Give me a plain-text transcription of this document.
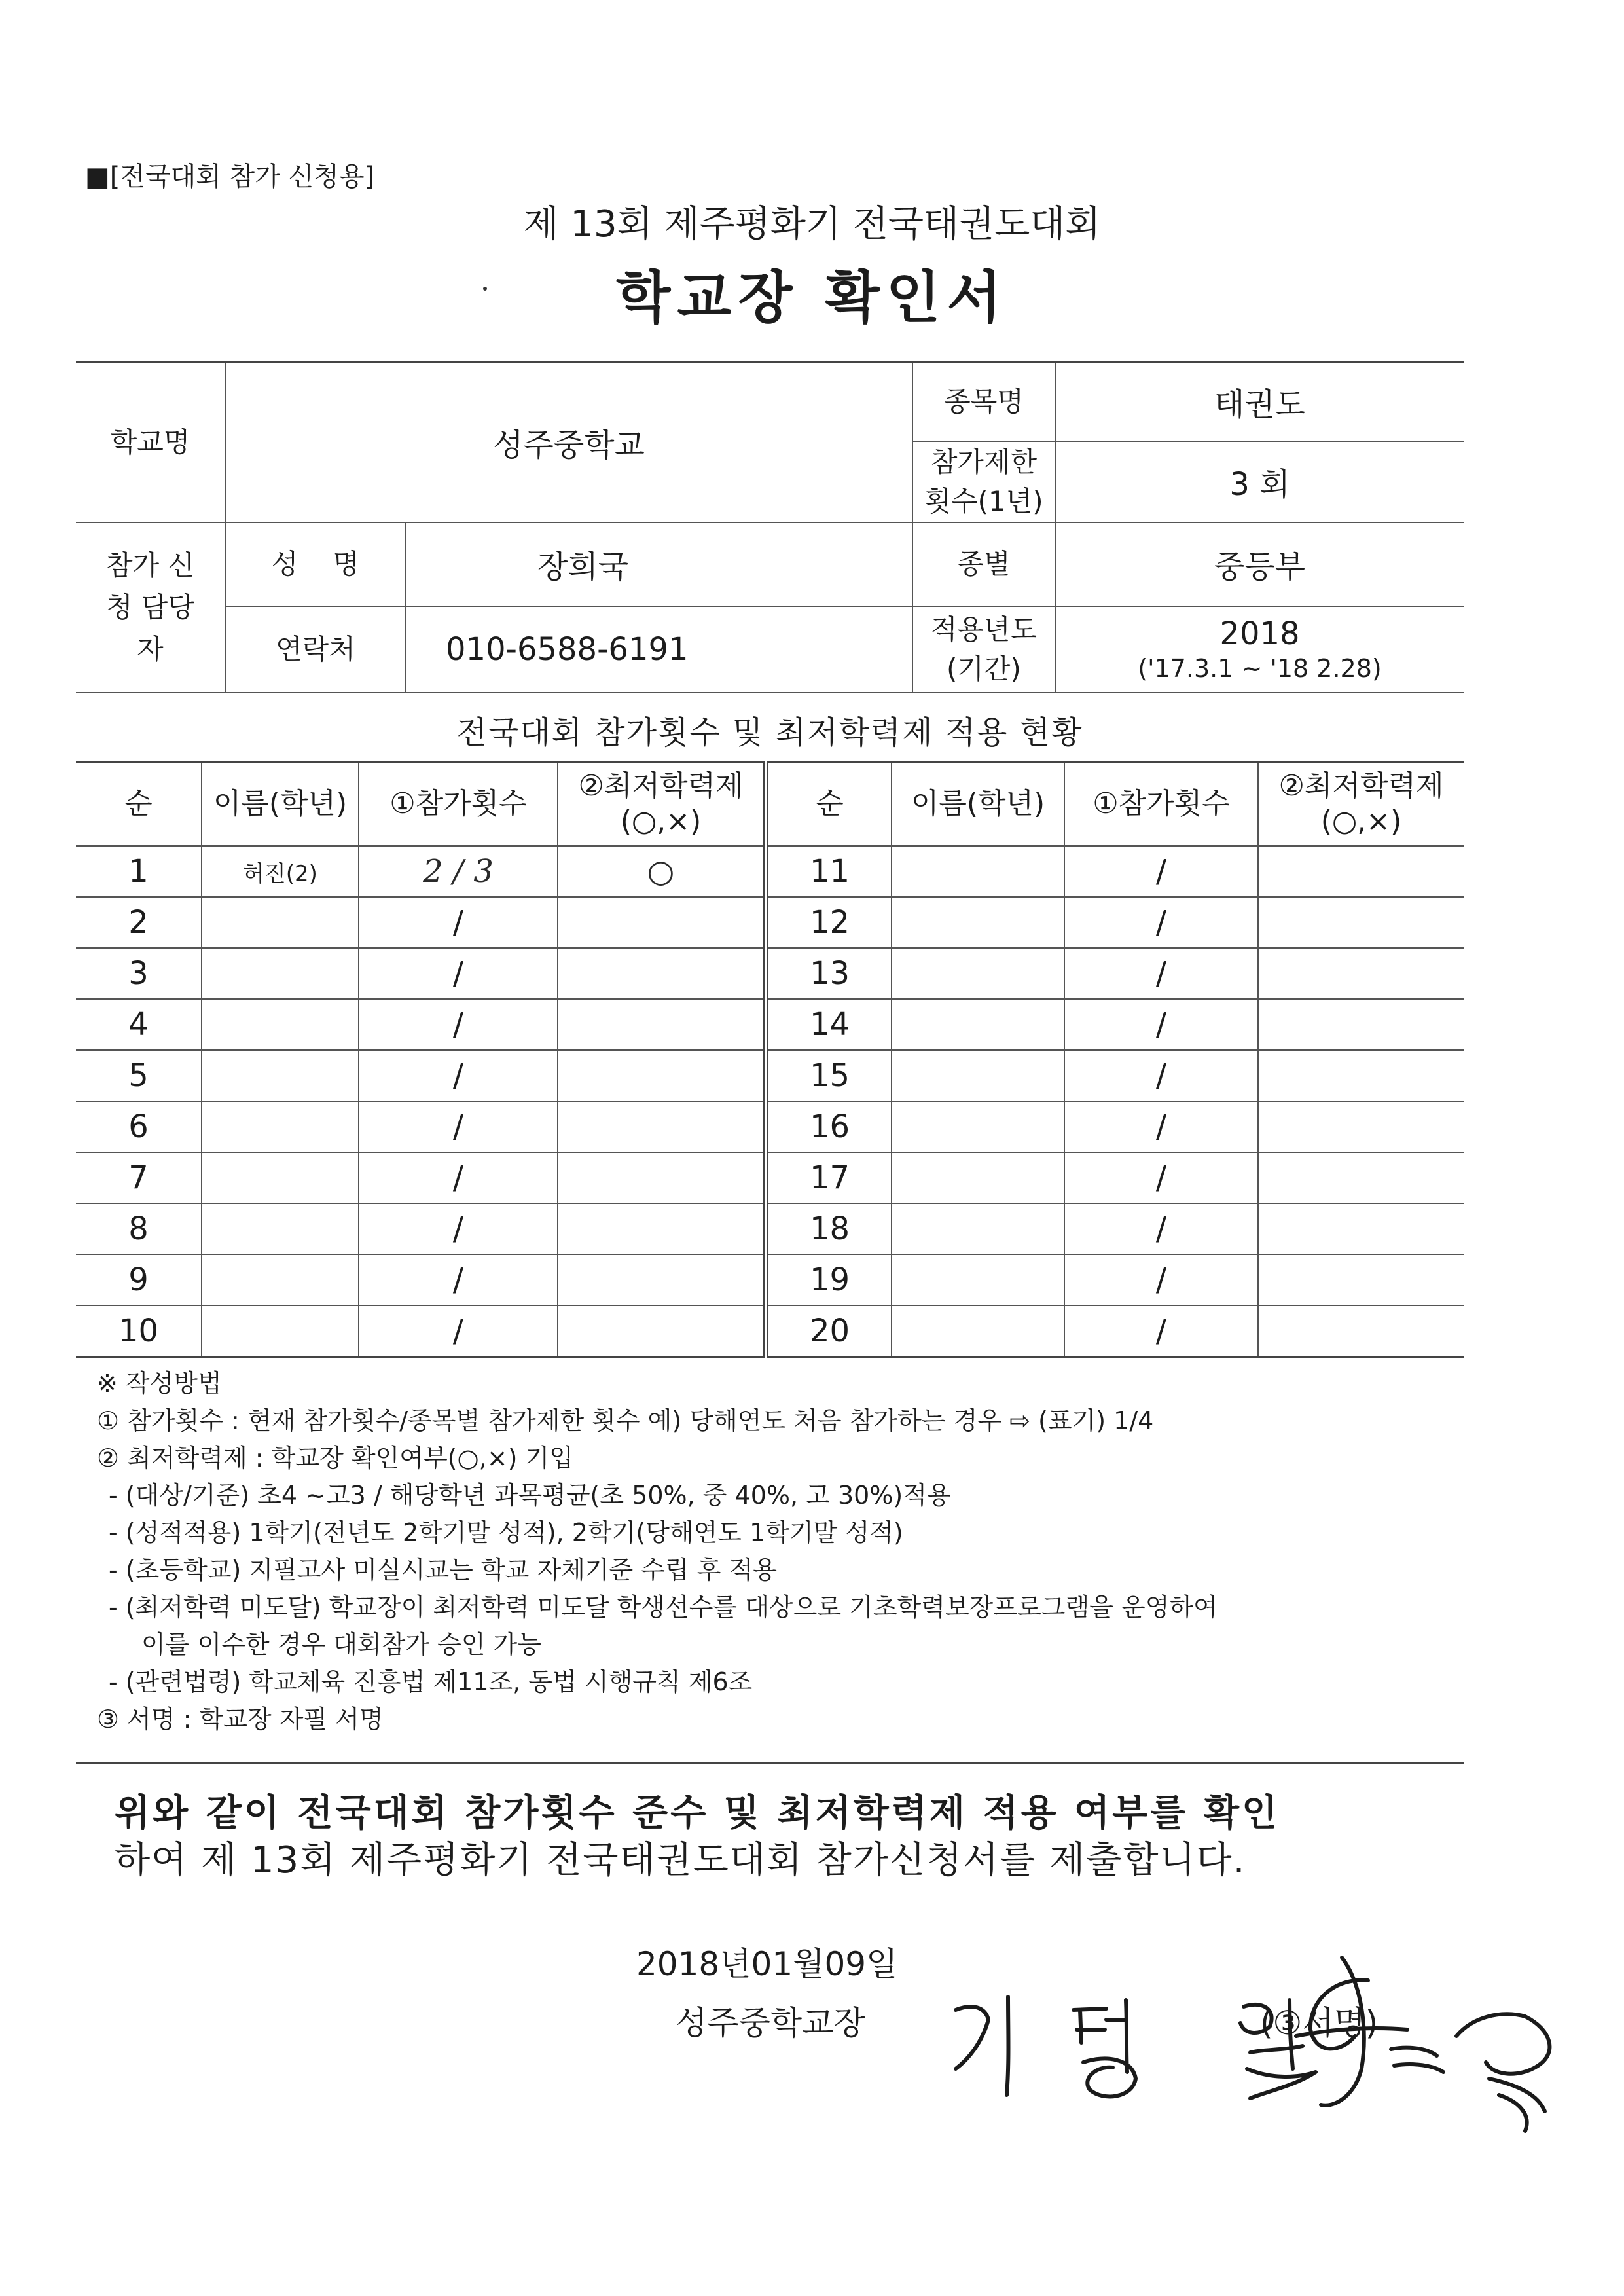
■[전국대회 참가 신청용]
제 13회 제주평화기 전국태권도대회
학교장 확인서
학교명	성주중학교		종목명	태권도
			참가제한 횟수(1년)	3 회
참가 신청 담당자	성 명	장희국	종별	중등부
	연락처	010-6588-6191	적용년도 (기간)	2018
('17.3.1 ~ '18 2.28)
전국대회 참가횟수 및 최저학력제 적용 현황
순	이름(학년)	①참가횟수	②최저학력제 (○,×)	순	이름(학년)	①참가횟수	②최저학력제 (○,×)
1	허진(2)	2 / 3	○	11		/	
2		/		12		/	
3		/		13		/	
4		/		14		/	
5		/		15		/	
6		/		16		/	
7		/		17		/	
8		/		18		/	
9		/		19		/	
10		/		20		/	
※ 작성방법
① 참가횟수 : 현재 참가횟수/종목별 참가제한 횟수 예) 당해연도 처음 참가하는 경우 ⇨ (표기) 1/4
② 최저학력제 : 학교장 확인여부(○,×) 기입
- (대상/기준) 초4 ~고3 / 해당학년 과목평균(초 50%, 중 40%, 고 30%)적용
- (성적적용) 1학기(전년도 2학기말 성적), 2학기(당해연도 1학기말 성적)
- (초등학교) 지필고사 미실시교는 학교 자체기준 수립 후 적용
- (최저학력 미도달) 학교장이 최저학력 미도달 학생선수를 대상으로 기초학력보장프로그램을 운영하여
이를 이수한 경우 대회참가 승인 가능
- (관련법령) 학교체육 진흥법 제11조, 동법 시행규칙 제6조
③ 서명 : 학교장 자필 서명
위와 같이 전국대회 참가횟수 준수 및 최저학력제 적용 여부를 확인
하여 제 13회 제주평화기 전국태권도대회 참가신청서를 제출합니다.
2018년01월09일
성주중학교장	(③서명)
